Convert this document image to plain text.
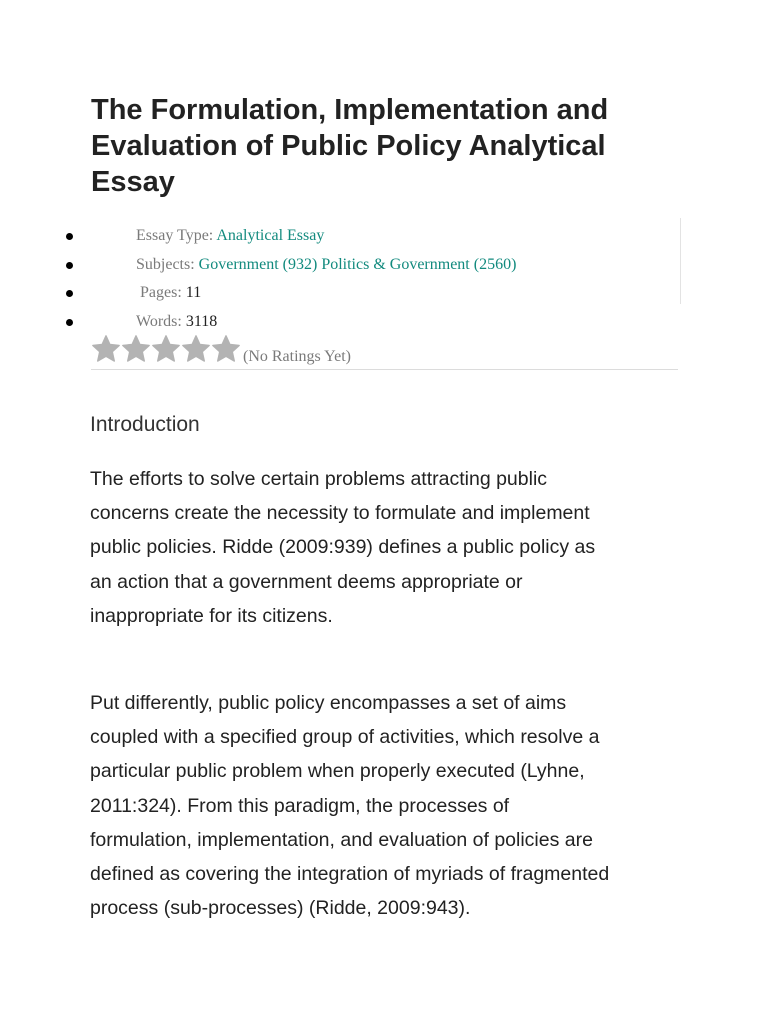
The Formulation, Implementation and
Evaluation of Public Policy Analytical
Essay
Essay Type: Analytical Essay
Subjects: Government (932) Politics & Government (2560)
Pages: 11
Words: 3118
(No Ratings Yet)
Introduction

The efforts to solve certain problems attracting public
concerns create the necessity to formulate and implement
public policies. Ridde (2009:939) defines a public policy as
an action that a government deems appropriate or
inappropriate for its citizens.

Put differently, public policy encompasses a set of aims
coupled with a specified group of activities, which resolve a
particular public problem when properly executed (Lyhne,
2011:324). From this paradigm, the processes of
formulation, implementation, and evaluation of policies are
defined as covering the integration of myriads of fragmented
process (sub-processes) (Ridde, 2009:943).
